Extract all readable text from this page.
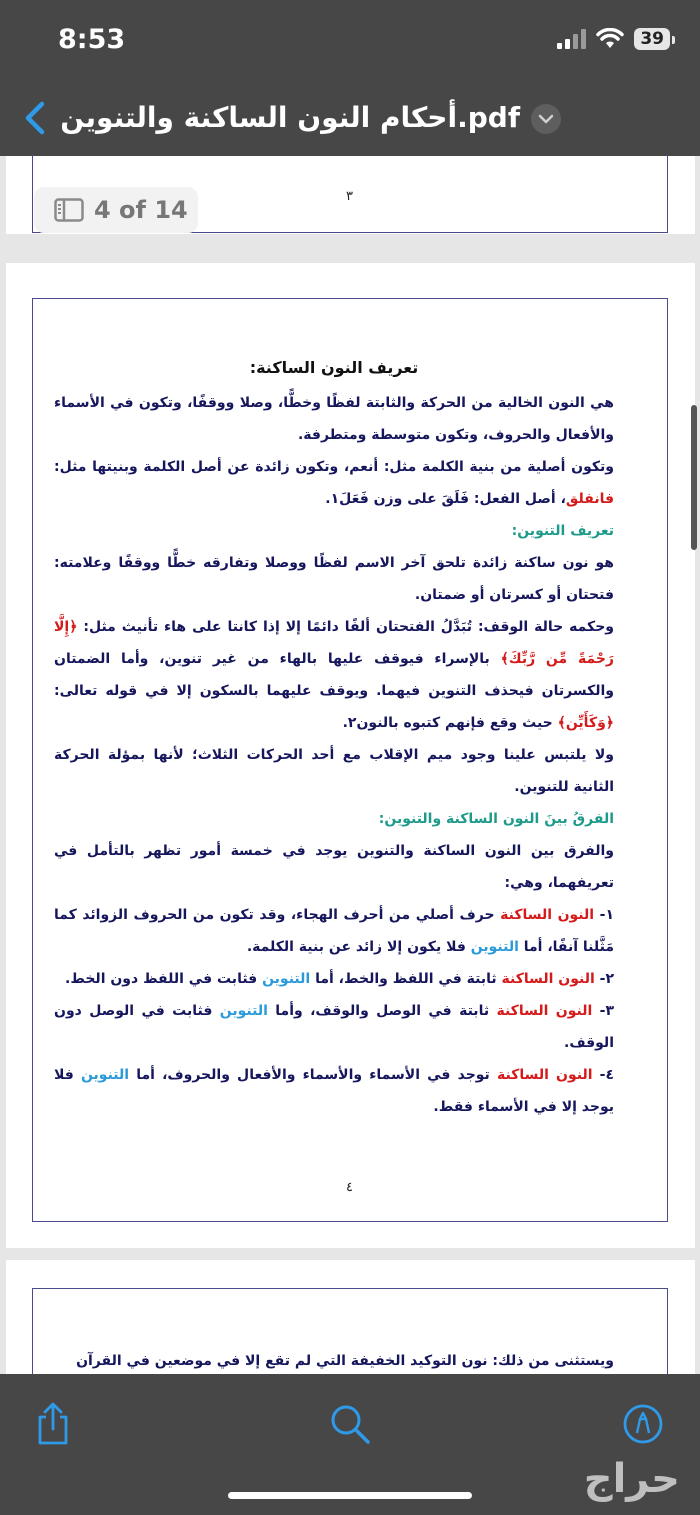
8:53	39
أحكام النون الساكنة والتنوين.pdf
٣
4 of 14

تعريف النون الساكنة:

هي النون الخالية من الحركة والثابتة لفظًا وخطًّا، وصلا ووقفًا، وتكون في الأسماء والأفعال والحروف، وتكون متوسطة ومتطرفة.

وتكون أصلية من بنية الكلمة مثل: أنعم، وتكون زائدة عن أصل الكلمة وبنيتها مثل: فانفلق، أصل الفعل: فَلَقَ على وزن فَعَلَ١.

تعريف التنوين:

هو نون ساكنة زائدة تلحق آخر الاسم لفظًا ووصلا وتفارقه خطًّا ووقفًا وعلامته: فتحتان أو كسرتان أو ضمتان.

وحكمه حالة الوقف: تُبَدَّلُ الفتحتان ألفًا دائمًا إلا إذا كانتا على هاء تأنيث مثل: ﴿إِلَّا رَحْمَةً مِّن رَّبِّكَ﴾ بالإسراء فيوقف عليها بالهاء من غير تنوين، وأما الضمتان والكسرتان فيحذف التنوين فيهما. ويوقف عليهما بالسكون إلا في قوله تعالى: ﴿وَكَأَيِّن﴾ حيث وقع فإنهم كتبوه بالنون٢.

ولا يلتبس علينا وجود ميم الإقلاب مع أحد الحركات الثلاث؛ لأنها بمؤلة الحركة الثانية للتنوين.

الفرقُ بينَ النون الساكنة والتنوين:

والفرق بين النون الساكنة والتنوين يوجد في خمسة أمور تظهر بالتأمل في تعريفهما، وهي:

١- النون الساكنة حرف أصلي من أحرف الهجاء، وقد تكون من الحروف الزوائد كما مَثَّلنا آنفًا، أما التنوين فلا يكون إلا زائد عن بنية الكلمة.

٢- النون الساكنة ثابتة في اللفظ والخط، أما التنوين فثابت في اللفظ دون الخط.

٣- النون الساكنة ثابتة في الوصل والوقف، وأما التنوين فثابت في الوصل دون الوقف.

٤- النون الساكنة توجد في الأسماء والأسماء والأفعال والحروف، أما التنوين فلا يوجد إلا في الأسماء فقط.

٤

ويستثنى من ذلك: نون التوكيد الخفيفة التي لم تقع إلا في موضعين في القرآن

حراج
